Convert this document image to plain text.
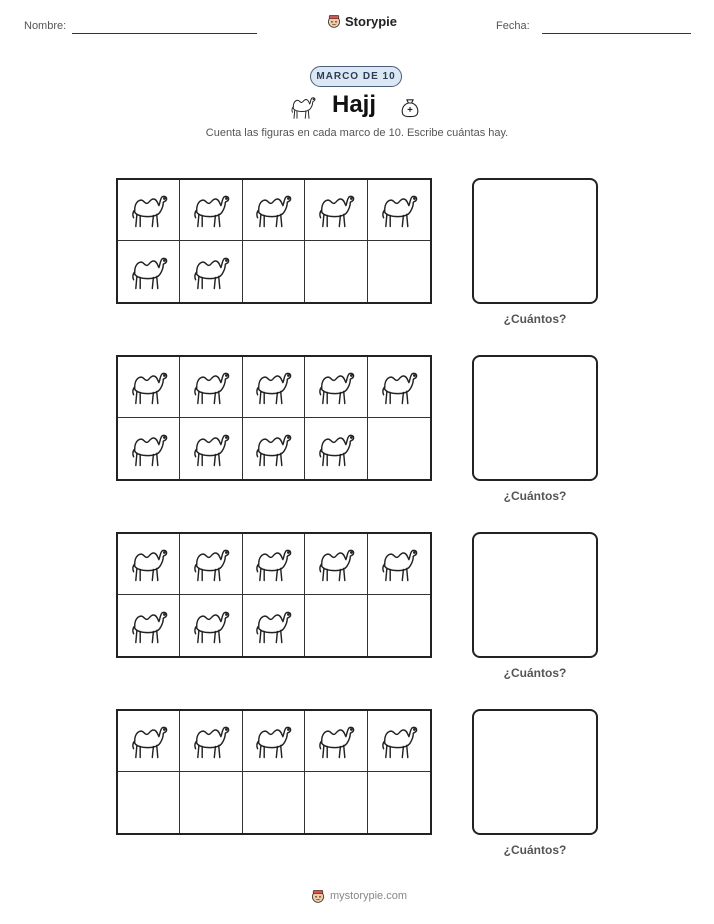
Nombre:	Storypie	Fecha:
MARCO DE 10
Hajj
Cuenta las figuras en cada marco de 10. Escribe cuántas hay.
¿Cuántos?
¿Cuántos?
¿Cuántos?
¿Cuántos?
mystorypie.com
